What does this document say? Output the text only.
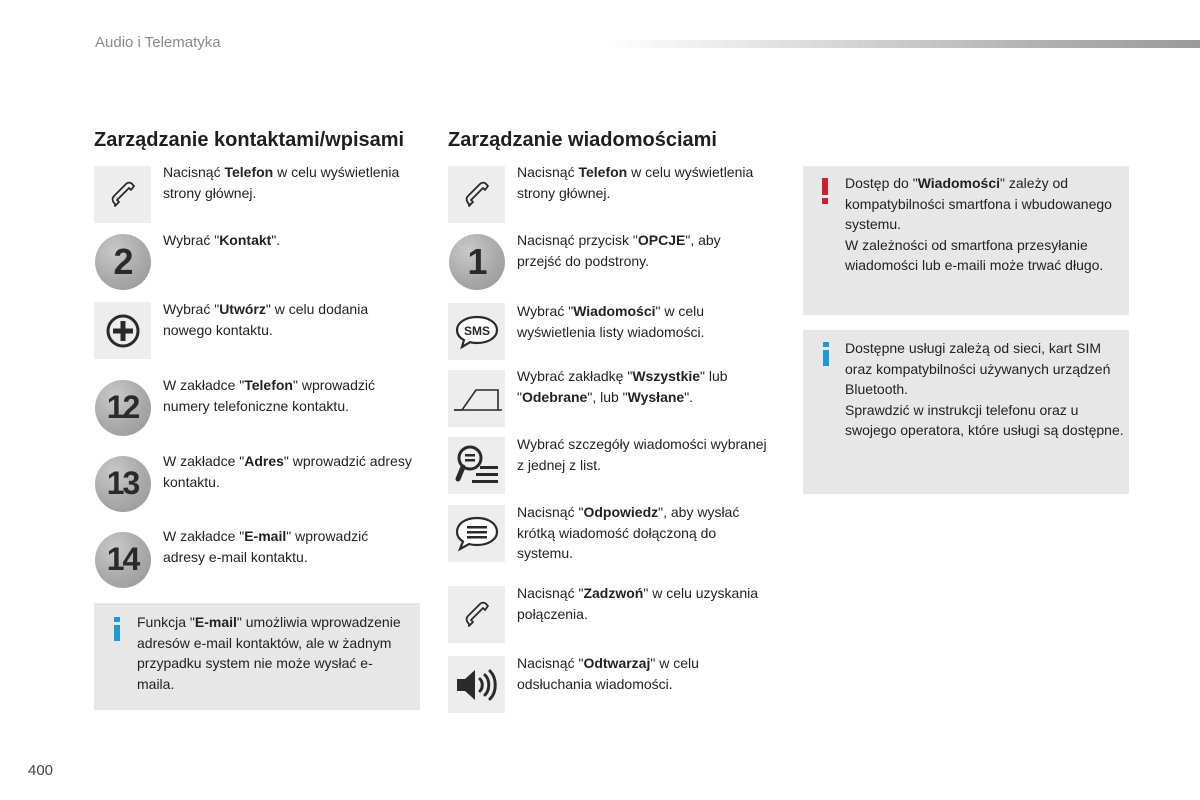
Audio i Telematyka
Zarządzanie kontaktami/wpisami
Nacisnąć Telefon w celu wyświetlenia strony głównej.
2
Wybrać "Kontakt".
Wybrać "Utwórz" w celu dodania nowego kontaktu.
12
W zakładce "Telefon" wprowadzić numery telefoniczne kontaktu.
13
W zakładce "Adres" wprowadzić adresy kontaktu.
14
W zakładce "E-mail" wprowadzić adresy e-mail kontaktu.
Funkcja "E-mail" umożliwia wprowadzenie adresów e-mail kontaktów, ale w żadnym przypadku system nie może wysłać e-maila.
Zarządzanie wiadomościami
Nacisnąć Telefon w celu wyświetlenia strony głównej.
1
Nacisnąć przycisk "OPCJE", aby przejść do podstrony.
SMS
Wybrać "Wiadomości" w celu wyświetlenia listy wiadomości.
Wybrać zakładkę "Wszystkie" lub "Odebrane", lub "Wysłane".
Wybrać szczegóły wiadomości wybranej z jednej z list.
Nacisnąć "Odpowiedz", aby wysłać krótką wiadomość dołączoną do systemu.
Nacisnąć "Zadzwoń" w celu uzyskania połączenia.
Nacisnąć "Odtwarzaj" w celu odsłuchania wiadomości.
Dostęp do "Wiadomości" zależy od kompatybilności smartfona i wbudowanego systemu.
W zależności od smartfona przesyłanie wiadomości lub e-maili może trwać długo.
Dostępne usługi zależą od sieci, kart SIM oraz kompatybilności używanych urządzeń Bluetooth.
Sprawdzić w instrukcji telefonu oraz u swojego operatora, które usługi są dostępne.
400
